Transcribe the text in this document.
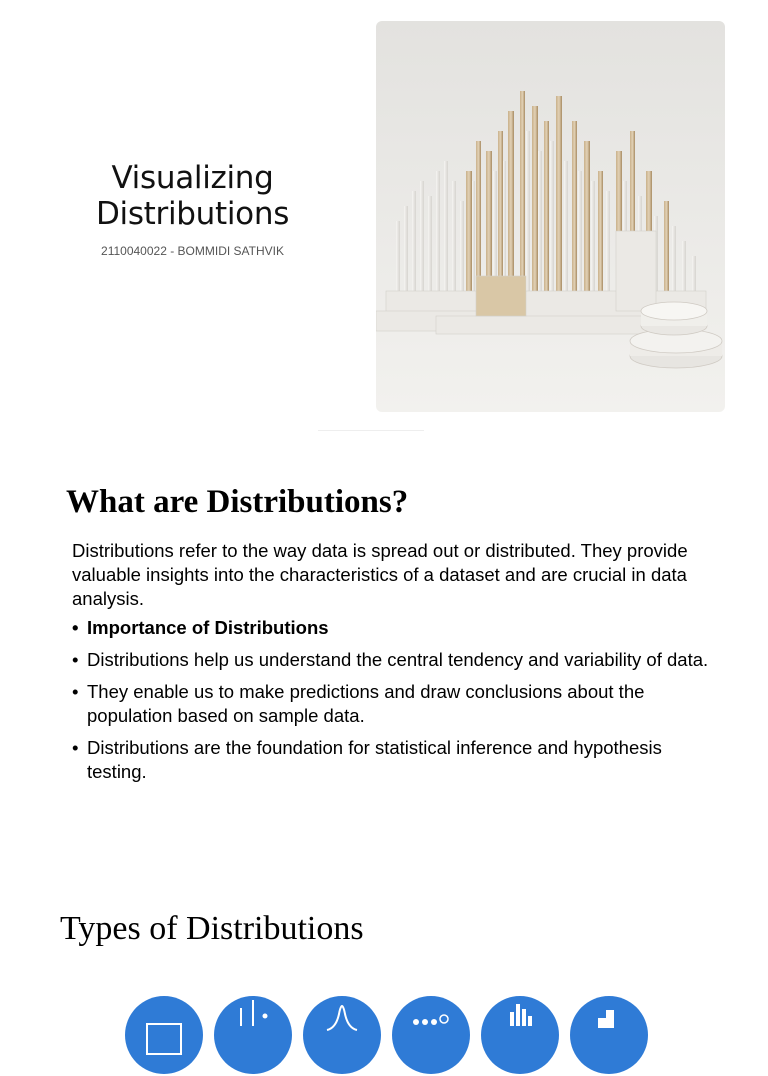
Visualizing
Distributions
2110040022 - BOMMIDI SATHVIK
What are Distributions?
Distributions refer to the way data is spread out or distributed. They provide valuable insights into the characteristics of a dataset and are crucial in data analysis.
• Importance of Distributions
• Distributions help us understand the central tendency and variability of data.
• They enable us to make predictions and draw conclusions about the population based on sample data.
• Distributions are the foundation for statistical inference and hypothesis testing.
Types of Distributions
